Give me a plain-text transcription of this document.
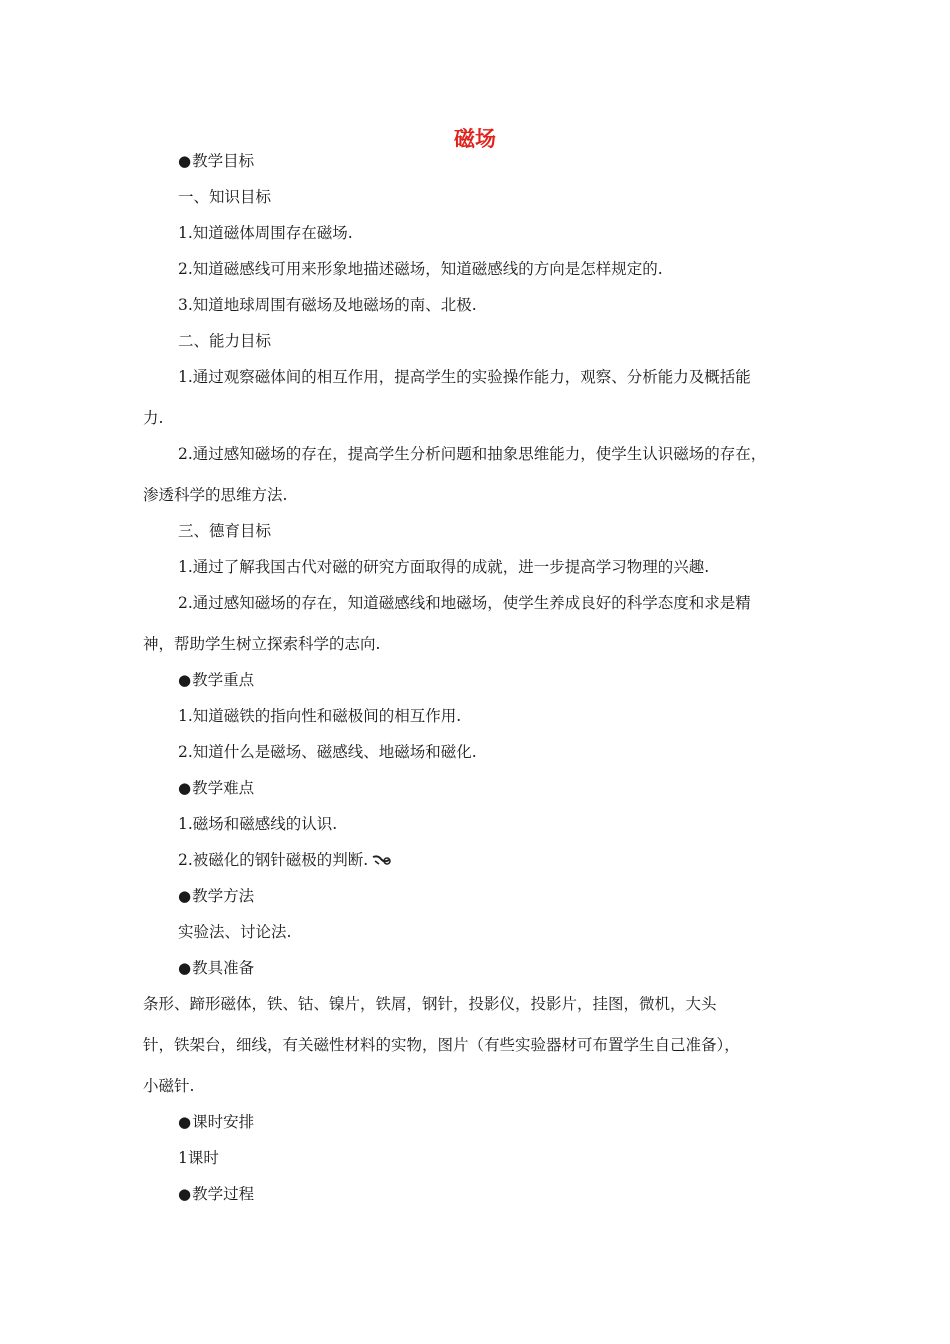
磁场
●教学目标
一、知识目标
1.知道磁体周围存在磁场.
2.知道磁感线可用来形象地描述磁场，知道磁感线的方向是怎样规定的.
3.知道地球周围有磁场及地磁场的南、北极.
二、能力目标
1.通过观察磁体间的相互作用，提高学生的实验操作能力，观察、分析能力及概括能
力.
2.通过感知磁场的存在，提高学生分析问题和抽象思维能力，使学生认识磁场的存在，
渗透科学的思维方法.
三、德育目标
1.通过了解我国古代对磁的研究方面取得的成就，进一步提高学习物理的兴趣.
2.通过感知磁场的存在，知道磁感线和地磁场，使学生养成良好的科学态度和求是精
神，帮助学生树立探索科学的志向.
●教学重点
1.知道磁铁的指向性和磁极间的相互作用.
2.知道什么是磁场、磁感线、地磁场和磁化.
●教学难点
1.磁场和磁感线的认识.
2.被磁化的钢针磁极的判断.
●教学方法
实验法、讨论法.
●教具准备
条形、蹄形磁体，铁、钴、镍片，铁屑，钢针，投影仪，投影片，挂图，微机，大头
针，铁架台，细线，有关磁性材料的实物，图片（有些实验器材可布置学生自己准备），
小磁针.
●课时安排
1课时
●教学过程
